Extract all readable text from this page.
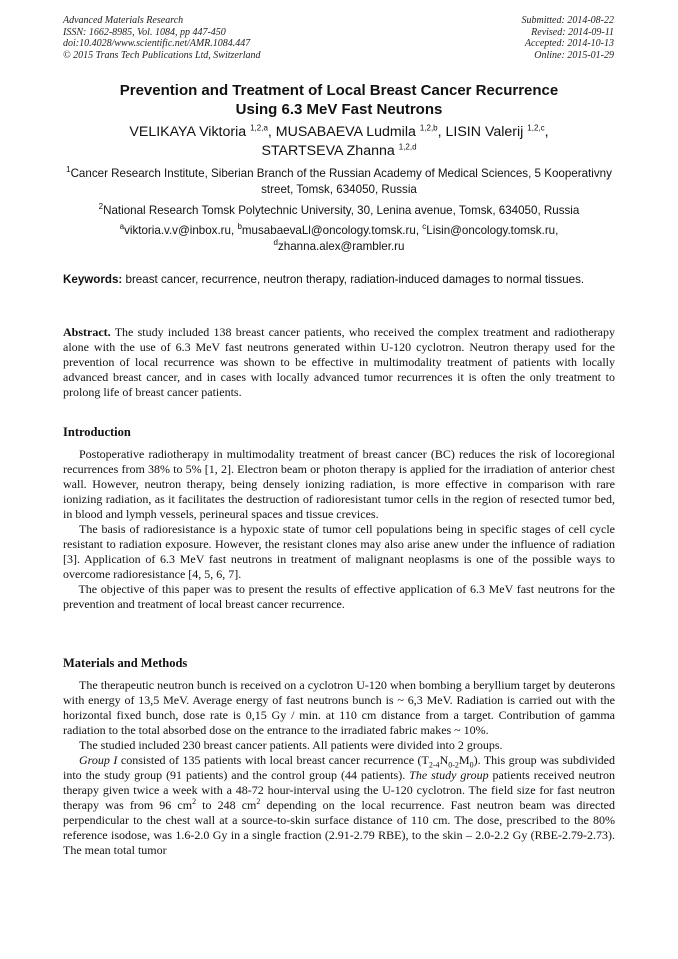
Advanced Materials Research
ISSN: 1662-8985, Vol. 1084, pp 447-450
doi:10.4028/www.scientific.net/AMR.1084.447
© 2015 Trans Tech Publications Ltd, Switzerland
Submitted: 2014-08-22
Revised: 2014-09-11
Accepted: 2014-10-13
Online: 2015-01-29
Prevention and Treatment of Local Breast Cancer Recurrence
Using 6.3 MeV Fast Neutrons
VELIKAYA Viktoria $^{1,2,a}$, MUSABAEVA Ludmila $^{1,2,b}$, LISIN Valerij $^{1,2,c}$,
STARTSEVA Zhanna $^{1,2,d}$
$^1$Cancer Research Institute, Siberian Branch of the Russian Academy of Medical Sciences, 5 Kooperativny street, Tomsk, 634050, Russia
$^2$National Research Tomsk Polytechnic University, 30, Lenina avenue, Tomsk, 634050, Russia
$^a$viktoria.v.v@inbox.ru, $^b$musabaevaLl@oncology.tomsk.ru, $^c$Lisin@oncology.tomsk.ru,
$^d$zhanna.alex@rambler.ru
Keywords: breast cancer, recurrence, neutron therapy, radiation-induced damages to normal tissues.

Abstract. The study included 138 breast cancer patients, who received the complex treatment and radiotherapy alone with the use of 6.3 MeV fast neutrons generated within U-120 cyclotron. Neutron therapy used for the prevention of local recurrence was shown to be effective in multimodality treatment of patients with locally advanced breast cancer, and in cases with locally advanced tumor recurrences it is often the only treatment to prolong life of breast cancer patients.

Introduction

Postoperative radiotherapy in multimodality treatment of breast cancer (BC) reduces the risk of locoregional recurrences from 38% to 5% [1, 2]. Electron beam or photon therapy is applied for the irradiation of anterior chest wall. However, neutron therapy, being densely ionizing radiation, is more effective in comparison with rare ionizing radiation, as it facilitates the destruction of radioresistant tumor cells in the region of resected tumor bed, in blood and lymph vessels, perineural spaces and tissue crevices.

The basis of radioresistance is a hypoxic state of tumor cell populations being in specific stages of cell cycle resistant to radiation exposure. However, the resistant clones may also arise anew under the influence of radiation [3]. Application of 6.3 MeV fast neutrons in treatment of malignant neoplasms is one of the possible ways to overcome radioresistance [4, 5, 6, 7].

  The objective of this paper was to present the results of effective application of 6.3 MeV fast neutrons for the prevention and treatment of local breast cancer recurrence.

Materials and Methods

The therapeutic neutron bunch is received on a cyclotron U-120 when bombing a beryllium target by deuterons with energy of 13,5 MeV. Average energy of fast neutrons bunch is ~ 6,3 MeV. Radiation is carried out with the horizontal fixed bunch, dose rate is 0,15 Gy / min. at 110 cm distance from a target. Contribution of gamma radiation to the total absorbed dose on the entrance to the irradiated fabric makes ~ 10%.

The studied included 230 breast cancer patients. All patients were divided into 2 groups.

Group I consisted of 135 patients with local breast cancer recurrence $(T_{2-4}N_{0-2}M_0)$. This group was subdivided into the study group (91 patients) and the control group (44 patients). The study group patients received neutron therapy given twice a week with a 48-72 hour-interval using the U-120 cyclotron. The field size for fast neutron therapy was from 96 $cm^2$ to 248 $cm^2$ depending on the local recurrence. Fast neutron beam was directed perpendicular to the chest wall at a source-to-skin surface distance of 110 cm. The dose, prescribed to the 80% reference isodose, was 1.6-2.0 Gy in a single fraction (2.91-2.79 RBE), to the skin – 2.0-2.2 Gy (RBE-2.79-2.73). The mean total tumor
